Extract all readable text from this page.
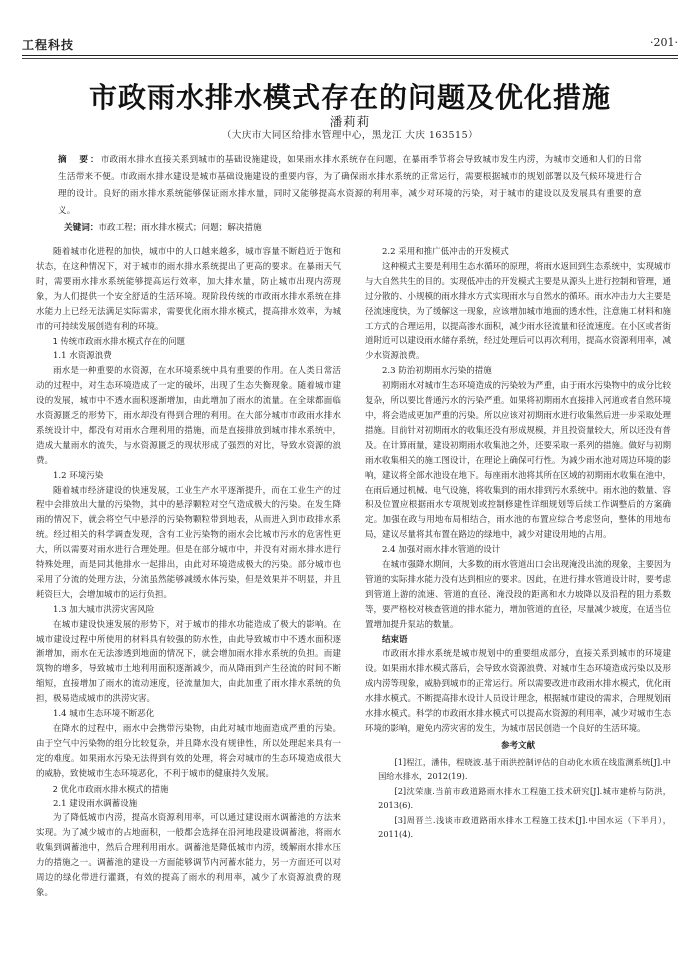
工程科技	·201·
市政雨水排水模式存在的问题及优化措施
潘莉莉
（大庆市大同区给排水管理中心，黑龙江 大庆 163515）
摘　要：市政雨水排水直接关系到城市的基础设施建设，如果雨水排水系统存在问题，在暴雨季节将会导致城市发生内涝，为城市交通和人们的日常生活带来不便。市政雨水排水建设是城市基础设施建设的重要内容，为了确保雨水排水系统的正常运行，需要根据城市的规划部署以及气候环境进行合理的设计。良好的雨水排水系统能够保证雨水排水量，同时又能够提高水资源的利用率，减少对环境的污染，对于城市的建设以及发展具有重要的意义。
关键词：市政工程；雨水排水模式；问题；解决措施

随着城市化进程的加快，城市中的人口越来越多，城市容量不断趋近于饱和状态，在这种情况下，对于城市的雨水排水系统提出了更高的要求。在暴雨天气时，需要雨水排水系统能够提高运行效率，加大排水量，防止城市出现内涝现象，为人们提供一个安全舒适的生活环境。现阶段传统的市政雨水排水系统在排水能力上已经无法满足实际需求，需要优化雨水排水模式，提高排水效率，为城市的可持续发展创造有利的环境。

1 传统市政雨水排水模式存在的问题
1.1 水资源浪费

雨水是一种重要的水资源，在水环境系统中具有重要的作用。在人类日常活动的过程中，对生态环境造成了一定的破坏，出现了生态失衡现象。随着城市建设的发展，城市中不透水面积逐渐增加，由此增加了雨水的流量。在全球都面临水资源匮乏的形势下，雨水却没有得到合理的利用。在大部分城市市政雨水排水系统设计中，都没有对雨水合理利用的措施，而是直接排放到城市排水系统中，造成大量雨水的流失，与水资源匮乏的现状形成了强烈的对比，导致水资源的浪费。

1.2 环境污染

随着城市经济建设的快速发展，工业生产水平逐渐提升，而在工业生产的过程中会排放出大量的污染物，其中的悬浮颗粒对空气造成极大的污染。在发生降雨的情况下，就会将空气中悬浮的污染物颗粒带到地表，从而进入到市政排水系统。经过相关的科学调查发现，含有工业污染物的雨水会比城市污水的危害性更大，所以需要对雨水进行合理处理。但是在部分城市中，并没有对雨水排水进行特殊处理，而是同其他排水一起排出，由此对环境造成极大的污染。部分城市也采用了分流的处理方法，分流虽然能够减缓水体污染，但是效果并不明显，并且耗资巨大，会增加城市的运行负担。

1.3 加大城市洪涝灾害风险

在城市建设快速发展的形势下，对于城市的排水功能造成了极大的影响。在城市建设过程中所使用的材料具有较强的防水性，由此导致城市中不透水面积逐渐增加，雨水在无法渗透到地面的情况下，就会增加雨水排水系统的负担。而建筑物的增多，导致城市土地利用面积逐渐减少，而从降雨到产生径流的时间不断缩短，直接增加了雨水的流动速度，径流量加大，由此加重了雨水排水系统的负担，极易造成城市的洪涝灾害。

1.4 城市生态环境不断恶化

在降水的过程中，雨水中会携带污染物，由此对城市地面造成严重的污染。由于空气中污染物的组分比较复杂，并且降水没有规律性，所以处理起来具有一定的难度。如果雨水污染无法得到有效的处理，将会对城市的生态环境造成很大的威胁，致使城市生态环境恶化，不利于城市的健康持久发展。

2 优化市政雨水排水模式的措施
2.1 建设雨水调蓄设施

为了降低城市内涝，提高水资源利用率，可以通过建设雨水调蓄池的方法来实现。为了减少城市的占地面积，一般都会选择在沿河地段建设调蓄池，将雨水收集到调蓄池中，然后合理利用雨水。调蓄池是降低城市内涝，缓解雨水排水压力的措施之一。调蓄池的建设一方面能够调节内河蓄水能力，另一方面还可以对周边的绿化带进行灌溉，有效的提高了雨水的利用率，减少了水资源浪费的现象。

2.2 采用和推广低冲击的开发模式

这种模式主要是利用生态水循环的原理，将雨水返回到生态系统中，实现城市与大自然共生的目的。实现低冲击的开发模式主要是从源头上进行控制和管理，通过分散的、小规模的雨水排水方式实现雨水与自然水的循环。雨水冲击力大主要是径流速度快，为了缓解这一现象，应该增加城市地面的透水性，注意施工材料和施工方式的合理运用，以提高渗水面积，减少雨水径流量和径流速度。在小区或者街道附近可以建设雨水储存系统，经过处理后可以再次利用，提高水资源利用率，减少水资源浪费。

2.3 防治初期雨水污染的措施

初期雨水对城市生态环境造成的污染较为严重，由于雨水污染物中的成分比较复杂，所以要比普通污水的污染严重。如果将初期雨水直接排入河道或者自然环境中，将会造成更加严重的污染。所以应该对初期雨水进行收集然后进一步采取处理措施。目前针对初期雨水的收集还没有形成规模，并且投资量较大，所以还没有普及。在计算雨量，建设初期雨水收集池之外，还要采取一系列的措施。做好与初期雨水收集相关的施工图设计，在理论上确保可行性。为减少雨水池对周边环境的影响，建议将全部水池设在地下。每座雨水池将其所在区域的初期雨水收集在池中，在雨后通过机械、电气设施，将收集到的雨水排到污水系统中。雨水池的数量、容积及位置应根据雨水专项规划或控制修建性详细规划等后续工作调整后的方案确定。加强在政与用地布局相结合，雨水池的布置应综合考虑竖向，整体的用地布局，建议尽量将其布置在路边的绿地中，减少对建设用地的占用。

2.4 加强对雨水排水管道的设计

在城市强降水期间，大多数的雨水管道出口会出现淹没出流的现象，主要因为管道的实际排水能力没有达到相应的要求。因此，在进行排水管道设计时，要考虑到管道上游的流速、管道的直径、淹没段的距离和水力坡降以及沿程的阻力系数等，要严格校对核查管道的排水能力，增加管道的直径，尽量减少坡度，在适当位置增加提升泵站的数量。

结束语

市政雨水排水系统是城市规划中的重要组成部分，直接关系到城市的环境建设。如果雨水排水模式落后，会导致水资源浪费、对城市生态环境造成污染以及形成内涝等现象，威胁到城市的正常运行。所以需要改进市政雨水排水模式，优化雨水排水模式。不断提高排水设计人员设计理念，根据城市建设的需求，合理规划雨水排水模式。科学的市政雨水排水模式可以提高水资源的利用率，减少对城市生态环境的影响，避免内涝灾害的发生，为城市居民创造一个良好的生活环境。

参考文献

[1]程江，潘伟，程晓波.基于雨洪控制评估的自动化水质在线监测系统[J].中国给水排水，2012(19).

[2]沈荣康.当前市政道路雨水排水工程施工技术研究[J].城市建桥与防洪，2013(6).

[3]周晋兰.浅谈市政道路雨水排水工程施工技术[J].中国水运（下半月），2011(4).
